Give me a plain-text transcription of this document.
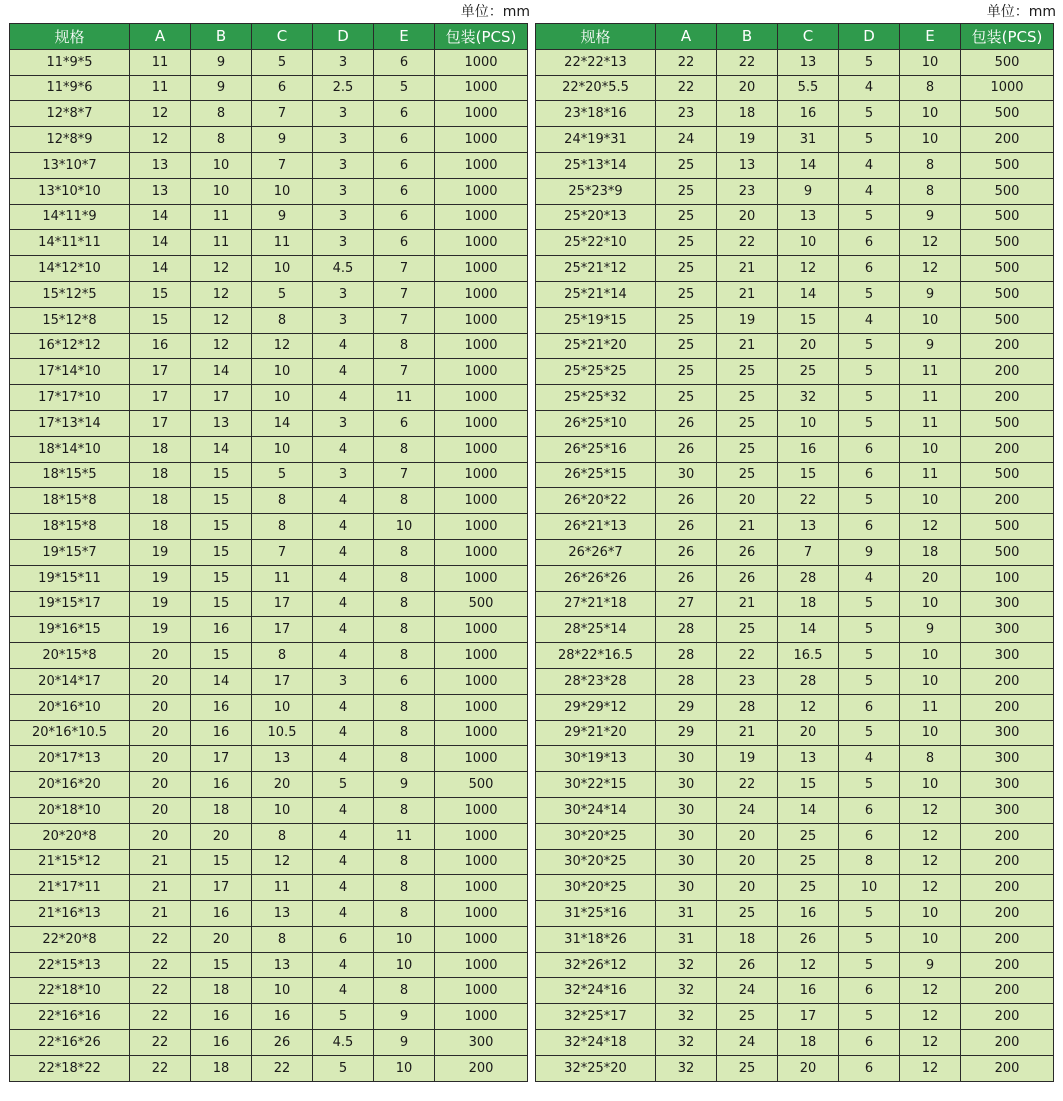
单位：mm	单位：mm
规格	A	B	C	D	E	包装(PCS)
11*9*5	11	9	5	3	6	1000
11*9*6	11	9	6	2.5	5	1000
12*8*7	12	8	7	3	6	1000
12*8*9	12	8	9	3	6	1000
13*10*7	13	10	7	3	6	1000
13*10*10	13	10	10	3	6	1000
14*11*9	14	11	9	3	6	1000
14*11*11	14	11	11	3	6	1000
14*12*10	14	12	10	4.5	7	1000
15*12*5	15	12	5	3	7	1000
15*12*8	15	12	8	3	7	1000
16*12*12	16	12	12	4	8	1000
17*14*10	17	14	10	4	7	1000
17*17*10	17	17	10	4	11	1000
17*13*14	17	13	14	3	6	1000
18*14*10	18	14	10	4	8	1000
18*15*5	18	15	5	3	7	1000
18*15*8	18	15	8	4	8	1000
18*15*8	18	15	8	4	10	1000
19*15*7	19	15	7	4	8	1000
19*15*11	19	15	11	4	8	1000
19*15*17	19	15	17	4	8	500
19*16*15	19	16	17	4	8	1000
20*15*8	20	15	8	4	8	1000
20*14*17	20	14	17	3	6	1000
20*16*10	20	16	10	4	8	1000
20*16*10.5	20	16	10.5	4	8	1000
20*17*13	20	17	13	4	8	1000
20*16*20	20	16	20	5	9	500
20*18*10	20	18	10	4	8	1000
20*20*8	20	20	8	4	11	1000
21*15*12	21	15	12	4	8	1000
21*17*11	21	17	11	4	8	1000
21*16*13	21	16	13	4	8	1000
22*20*8	22	20	8	6	10	1000
22*15*13	22	15	13	4	10	1000
22*18*10	22	18	10	4	8	1000
22*16*16	22	16	16	5	9	1000
22*16*26	22	16	26	4.5	9	300
22*18*22	22	18	22	5	10	200
规格	A	B	C	D	E	包装(PCS)
22*22*13	22	22	13	5	10	500
22*20*5.5	22	20	5.5	4	8	1000
23*18*16	23	18	16	5	10	500
24*19*31	24	19	31	5	10	200
25*13*14	25	13	14	4	8	500
25*23*9	25	23	9	4	8	500
25*20*13	25	20	13	5	9	500
25*22*10	25	22	10	6	12	500
25*21*12	25	21	12	6	12	500
25*21*14	25	21	14	5	9	500
25*19*15	25	19	15	4	10	500
25*21*20	25	21	20	5	9	200
25*25*25	25	25	25	5	11	200
25*25*32	25	25	32	5	11	200
26*25*10	26	25	10	5	11	500
26*25*16	26	25	16	6	10	200
26*25*15	30	25	15	6	11	500
26*20*22	26	20	22	5	10	200
26*21*13	26	21	13	6	12	500
26*26*7	26	26	7	9	18	500
26*26*26	26	26	28	4	20	100
27*21*18	27	21	18	5	10	300
28*25*14	28	25	14	5	9	300
28*22*16.5	28	22	16.5	5	10	300
28*23*28	28	23	28	5	10	200
29*29*12	29	28	12	6	11	200
29*21*20	29	21	20	5	10	300
30*19*13	30	19	13	4	8	300
30*22*15	30	22	15	5	10	300
30*24*14	30	24	14	6	12	300
30*20*25	30	20	25	6	12	200
30*20*25	30	20	25	8	12	200
30*20*25	30	20	25	10	12	200
31*25*16	31	25	16	5	10	200
31*18*26	31	18	26	5	10	200
32*26*12	32	26	12	5	9	200
32*24*16	32	24	16	6	12	200
32*25*17	32	25	17	5	12	200
32*24*18	32	24	18	6	12	200
32*25*20	32	25	20	6	12	200
